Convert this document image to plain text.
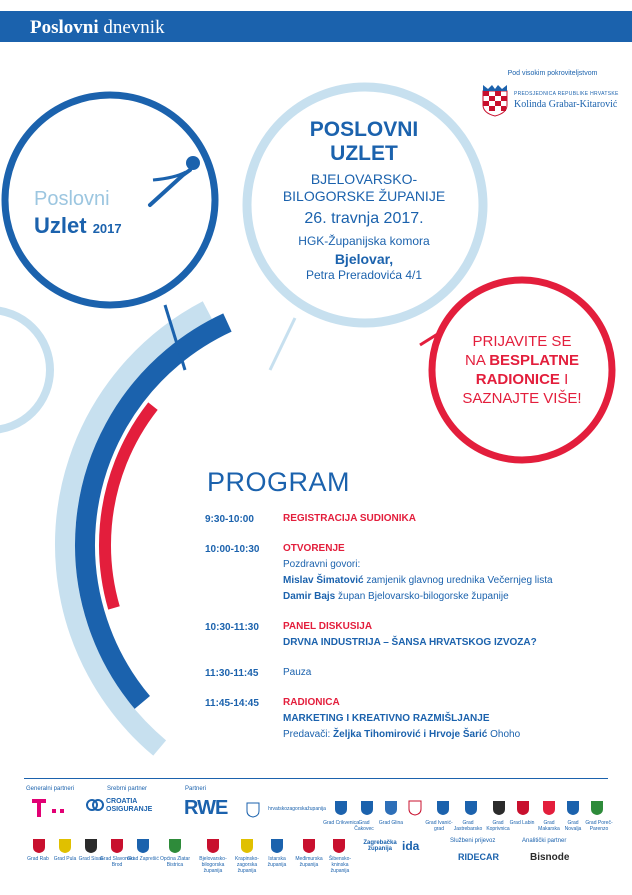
Poslovni dnevnik
Poslovni
Uzlet 2017
POSLOVNI
UZLET
BJELOVARSKO-
BILOGORSKE ŽUPANIJE
26. travnja 2017.
HGK-Županijska komora
Bjelovar,
Petra Preradovića 4/1
Pod visokim pokroviteljstvom
PREDSJEDNICA REPUBLIKE HRVATSKE
Kolinda Grabar-Kitarović
PRIJAVITE SE
NA BESPLATNE
RADIONICE I
SAZNAJTE VIŠE!
PROGRAM
9:30-10:00	REGISTRACIJA SUDIONIKA
10:00-10:30	OTVORENJE
Pozdravni govori:
Mislav Šimatović zamjenik glavnog urednika Večernjeg lista
Damir Bajs župan Bjelovarsko-bilogorske županije
10:30-11:30	PANEL DISKUSIJA
DRVNA INDUSTRIJA – ŠANSA HRVATSKOG IZVOZA?
11:30-11:45	Pauza
11:45-14:45	RADIONICA
MARKETING I KREATIVNO RAZMIŠLJANJE
Predavači: Željka Tihomirović i Hrvoje Šarić Ohoho
Generalni partneri	Srebrni partner	Partneri
CROATIA
OSIGURANJE RWE	hrvatskozagorskažupanija
Grad Crikvenica Grad Čakovec
Grad Glina	Grad Ivanić-grad
Grad Jastrebarsko
Grad Koprivnica
Grad Labin	Grad Makarska
Grad Novalja
Grad Poreč-Parenzo
Grad Rab Grad Pula Grad Sisak
Grad Slavonski Brod
Grad Zaprešić Općina Zlatar Bistrica
Bjelovarsko-bilogorska županija
Krapinsko-zagorska županija
Istarska županija
Međimurska županija
Šibensko-kninska županija
Zagrebačka županija ida	Službeni prijevoz
RIDECAR
Analitički partner
Bisnode
